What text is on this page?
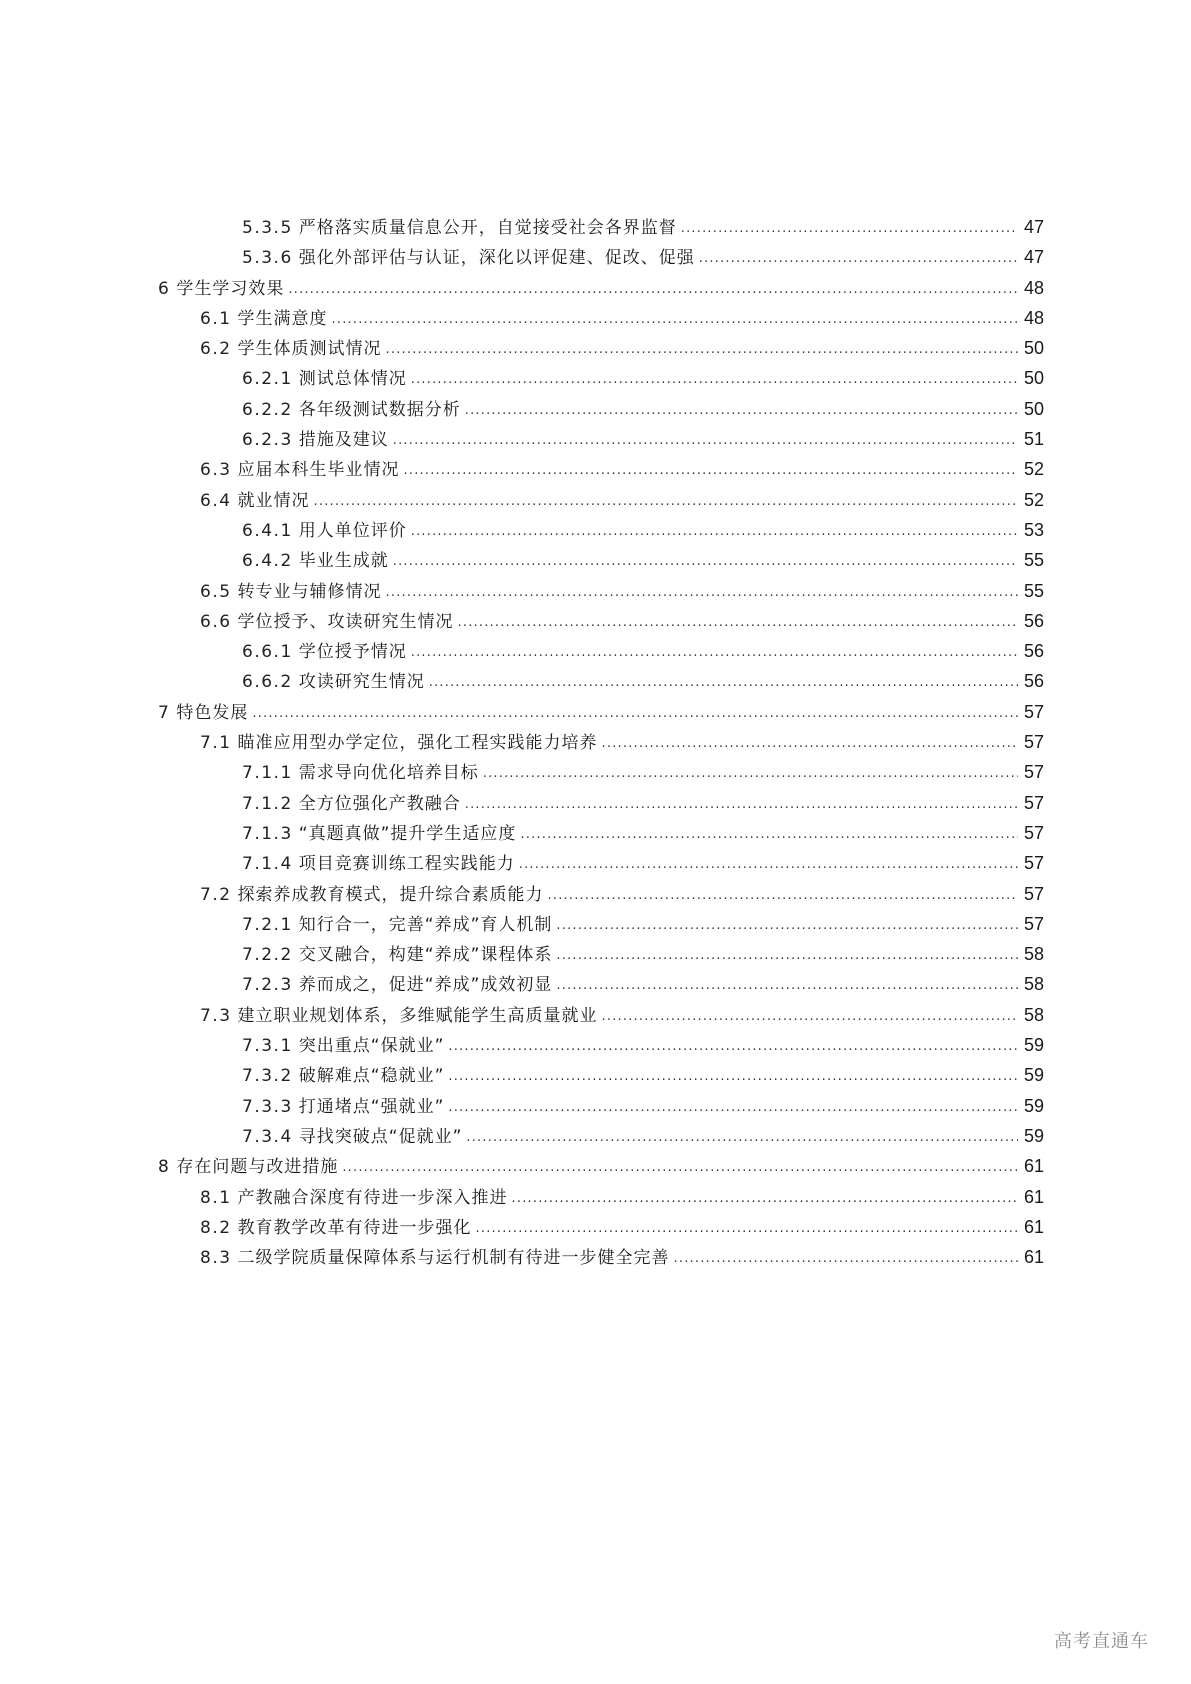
5.3.5 严格落实质量信息公开，自觉接受社会各界监督 .....	47
5.3.6 强化外部评估与认证，深化以评促建、促改、促强 .....	47
6 学生学习效果 .....	48
6.1 学生满意度 .....	48
6.2 学生体质测试情况 .....	50
6.2.1 测试总体情况 .....	50
6.2.2 各年级测试数据分析 .....	50
6.2.3 措施及建议 .....	51
6.3 应届本科生毕业情况 .....	52
6.4 就业情况 .....	52
6.4.1 用人单位评价 .....	53
6.4.2 毕业生成就 .....	55
6.5 转专业与辅修情况 .....	55
6.6 学位授予、攻读研究生情况 .....	56
6.6.1 学位授予情况 .....	56
6.6.2 攻读研究生情况 .....	56
7 特色发展 .....	57
7.1 瞄准应用型办学定位，强化工程实践能力培养 .....	57
7.1.1 需求导向优化培养目标 .....	57
7.1.2 全方位强化产教融合 .....	57
7.1.3 “真题真做”提升学生适应度 .....	57
7.1.4 项目竞赛训练工程实践能力 .....	57
7.2 探索养成教育模式，提升综合素质能力 .....	57
7.2.1 知行合一，完善“养成”育人机制 .....	57
7.2.2 交叉融合，构建“养成”课程体系 .....	58
7.2.3 养而成之，促进“养成”成效初显 .....	58
7.3 建立职业规划体系，多维赋能学生高质量就业 .....	58
7.3.1 突出重点“保就业” .....	59
7.3.2 破解难点“稳就业” .....	59
7.3.3 打通堵点“强就业” .....	59
7.3.4 寻找突破点“促就业” .....	59
8 存在问题与改进措施 .....	61
8.1 产教融合深度有待进一步深入推进 .....	61
8.2 教育教学改革有待进一步强化 .....	61
8.3 二级学院质量保障体系与运行机制有待进一步健全完善 .....	61
高考直通车
